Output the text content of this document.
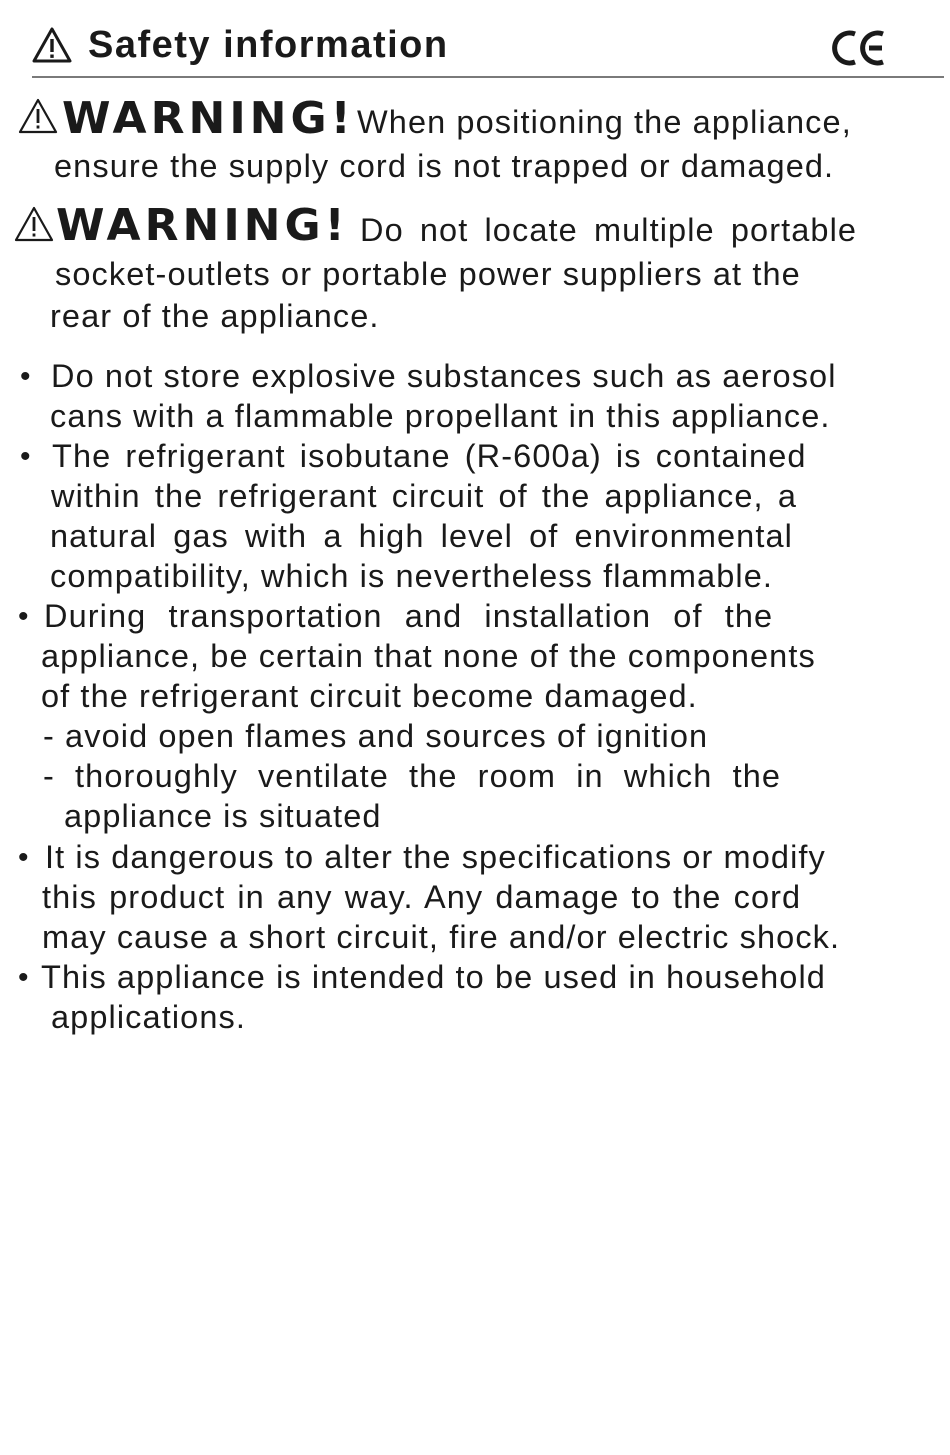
Safety information
WARNING! When positioning the appliance,
ensure the supply cord is not trapped or damaged.
WARNING! Do not locate multiple portable
socket-outlets or portable power suppliers at the
rear of the appliance.
• Do not store explosive substances such as aerosol
cans with a flammable propellant in this appliance.
• The refrigerant isobutane (R-600a) is contained
within the refrigerant circuit of the appliance, a
natural gas with a high level of environmental
compatibility, which is nevertheless flammable.
• During transportation and installation of the
appliance, be certain that none of the components
of the refrigerant circuit become damaged.
- avoid open flames and sources of ignition
- thoroughly ventilate the room in which the
appliance is situated
• It is dangerous to alter the specifications or modify
this product in any way. Any damage to the cord
may cause a short circuit, fire and/or electric shock.
• This appliance is intended to be used in household
applications.
